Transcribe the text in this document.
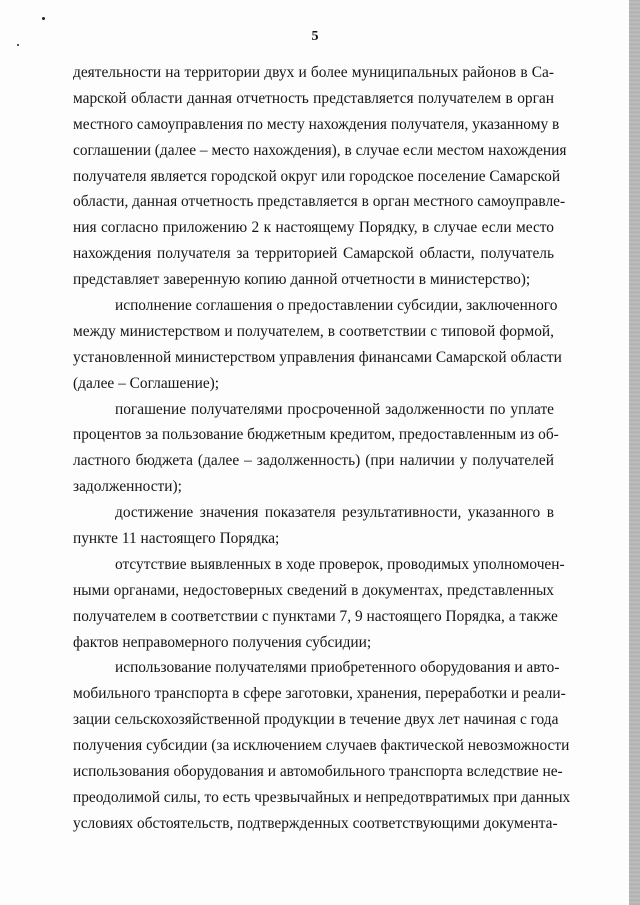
5
деятельности на территории двух и более муниципальных районов в Са-
марской области данная отчетность представляется получателем в орган
местного самоуправления по месту нахождения получателя, указанному в
соглашении (далее – место нахождения), в случае если местом нахождения
получателя является городской округ или городское поселение Самарской
области, данная отчетность представляется в орган местного самоуправле-
ния согласно приложению 2 к настоящему Порядку, в случае если место
нахождения получателя за территорией Самарской области, получатель
представляет заверенную копию данной отчетности в министерство);
исполнение соглашения о предоставлении субсидии, заключенного
между министерством и получателем, в соответствии с типовой формой,
установленной министерством управления финансами Самарской области
(далее – Соглашение);
погашение получателями просроченной задолженности по уплате
процентов за пользование бюджетным кредитом, предоставленным из об-
ластного бюджета (далее – задолженность) (при наличии у получателей
задолженности);
достижение значения показателя результативности, указанного в
пункте 11 настоящего Порядка;
отсутствие выявленных в ходе проверок, проводимых уполномочен-
ными органами, недостоверных сведений в документах, представленных
получателем в соответствии с пунктами 7, 9 настоящего Порядка, а также
фактов неправомерного получения субсидии;
использование получателями приобретенного оборудования и авто-
мобильного транспорта в сфере заготовки, хранения, переработки и реали-
зации сельскохозяйственной продукции в течение двух лет начиная с года
получения субсидии (за исключением случаев фактической невозможности
использования оборудования и автомобильного транспорта вследствие не-
преодолимой силы, то есть чрезвычайных и непредотвратимых при данных
условиях обстоятельств, подтвержденных соответствующими документа-
